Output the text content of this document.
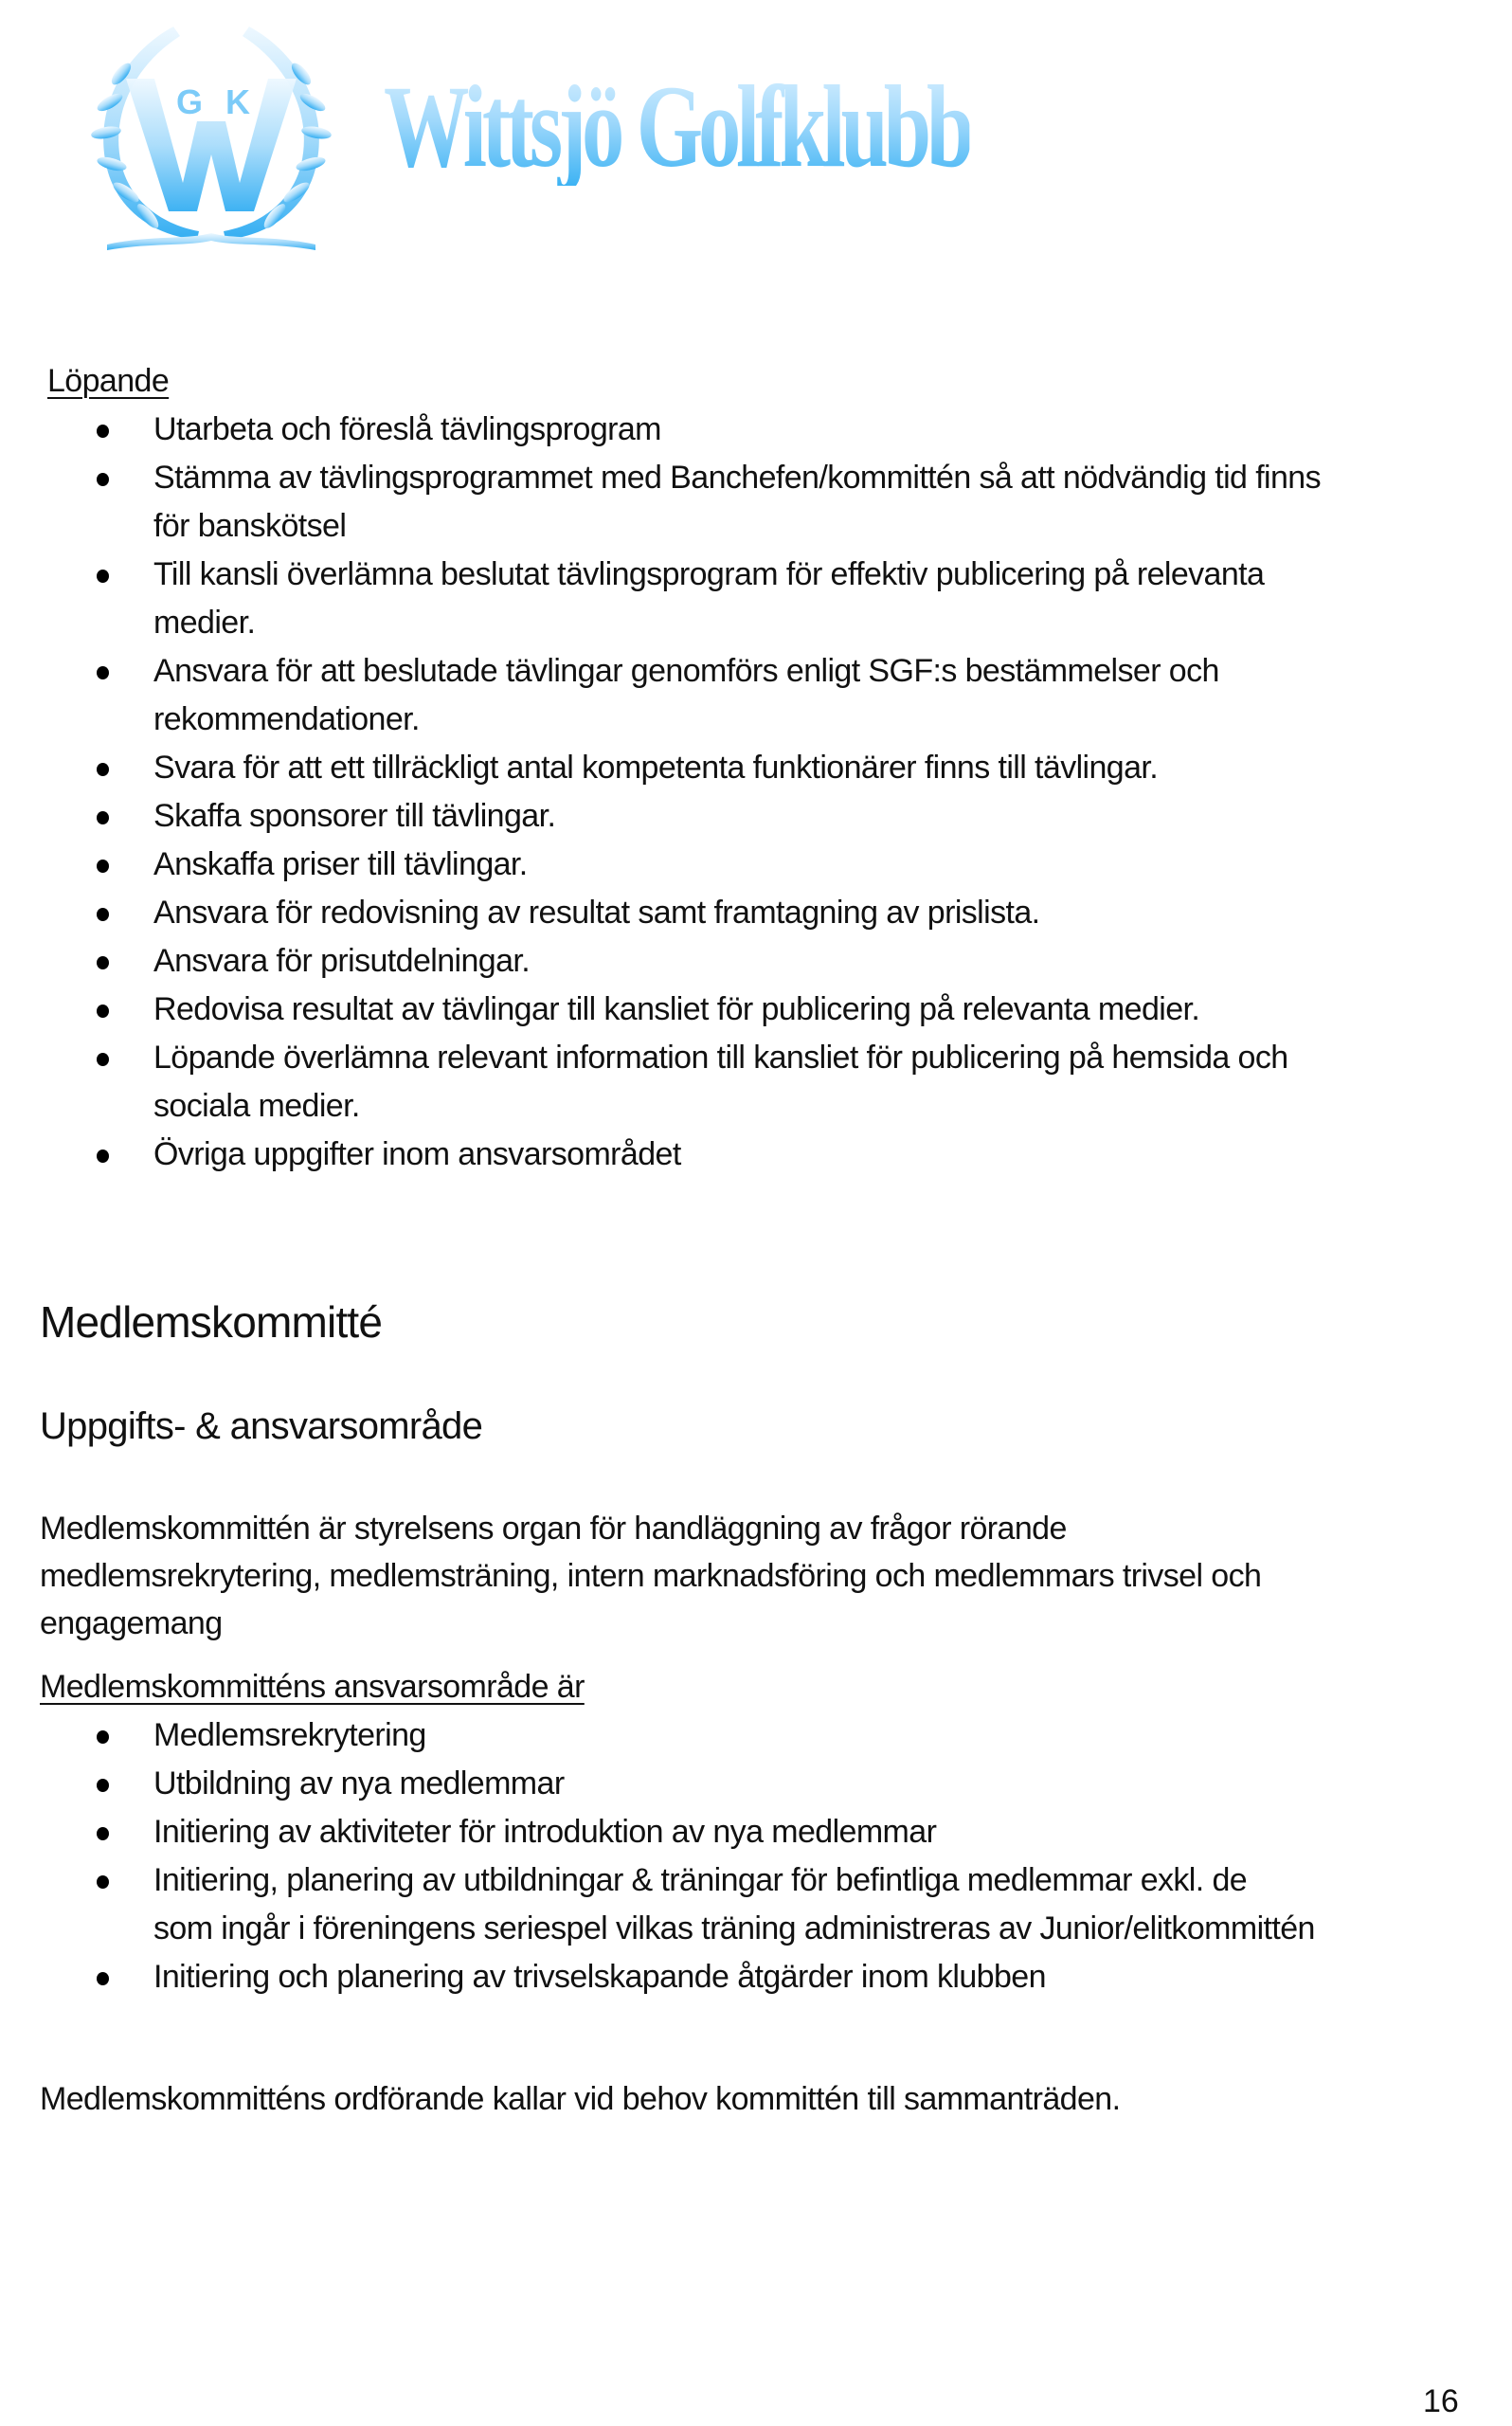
G K Wittsjö Golfklubb
Löpande
Utarbeta och föreslå tävlingsprogram
Stämma av tävlingsprogrammet med Banchefen/kommittén så att nödvändig tid finns
för banskötsel
Till kansli överlämna beslutat tävlingsprogram för effektiv publicering på relevanta
medier.
Ansvara för att beslutade tävlingar genomförs enligt SGF:s bestämmelser och
rekommendationer.
Svara för att ett tillräckligt antal kompetenta funktionärer finns till tävlingar.
Skaffa sponsorer till tävlingar.
Anskaffa priser till tävlingar.
Ansvara för redovisning av resultat samt framtagning av prislista.
Ansvara för prisutdelningar.
Redovisa resultat av tävlingar till kansliet för publicering på relevanta medier.
Löpande överlämna relevant information till kansliet för publicering på hemsida och
sociala medier.
Övriga uppgifter inom ansvarsområdet
Medlemskommitté
Uppgifts- & ansvarsområde
Medlemskommittén är styrelsens organ för handläggning av frågor rörande
medlemsrekrytering, medlemsträning, intern marknadsföring och medlemmars trivsel och
engagemang
Medlemskommitténs ansvarsområde är
Medlemsrekrytering
Utbildning av nya medlemmar
Initiering av aktiviteter för introduktion av nya medlemmar
Initiering, planering av utbildningar & träningar för befintliga medlemmar exkl. de
som ingår i föreningens seriespel vilkas träning administreras av Junior/elitkommittén
Initiering och planering av trivselskapande åtgärder inom klubben
Medlemskommitténs ordförande kallar vid behov kommittén till sammanträden.
16
